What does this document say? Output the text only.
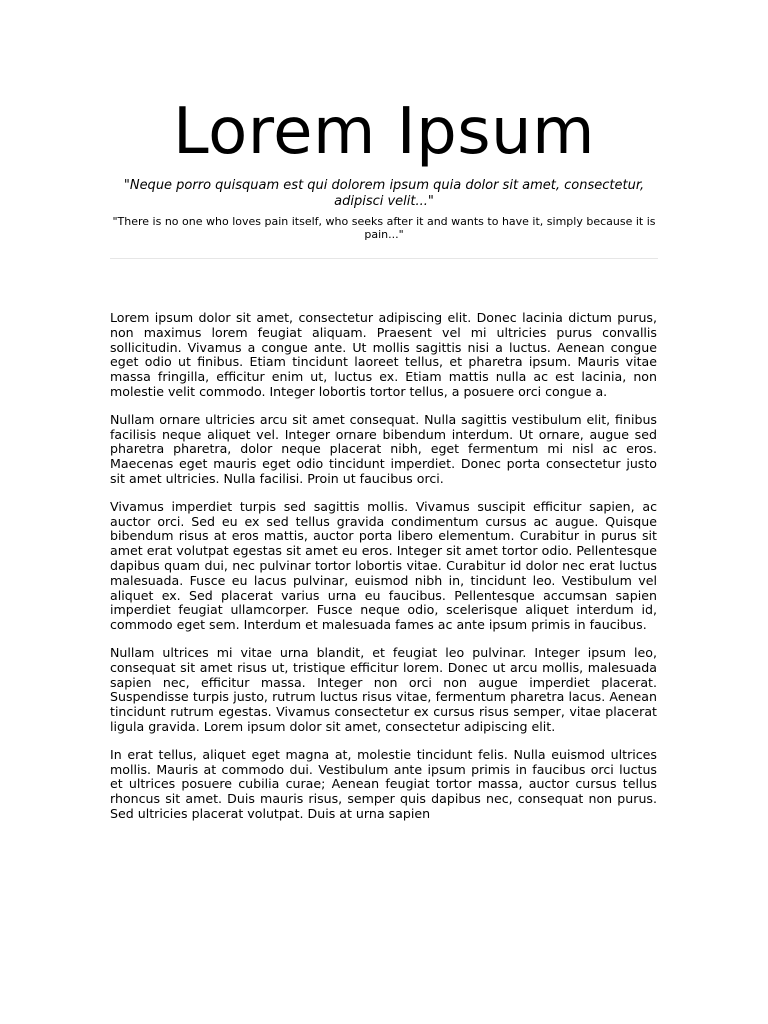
Lorem Ipsum

"Neque porro quisquam est qui dolorem ipsum quia dolor sit amet, consectetur, adipisci velit..."

"There is no one who loves pain itself, who seeks after it and wants to have it, simply because it is pain..."

Lorem ipsum dolor sit amet, consectetur adipiscing elit. Donec lacinia dictum purus, non maximus lorem feugiat aliquam. Praesent vel mi ultricies purus convallis sollicitudin. Vivamus a congue ante. Ut mollis sagittis nisi a luctus. Aenean congue eget odio ut finibus. Etiam tincidunt laoreet tellus, et pharetra ipsum. Mauris vitae massa fringilla, efficitur enim ut, luctus ex. Etiam mattis nulla ac est lacinia, non molestie velit commodo. Integer lobortis tortor tellus, a posuere orci congue a.

Nullam ornare ultricies arcu sit amet consequat. Nulla sagittis vestibulum elit, finibus facilisis neque aliquet vel. Integer ornare bibendum interdum. Ut ornare, augue sed pharetra pharetra, dolor neque placerat nibh, eget fermentum mi nisl ac eros. Maecenas eget mauris eget odio tincidunt imperdiet. Donec porta consectetur justo sit amet ultricies. Nulla facilisi. Proin ut faucibus orci.

Vivamus imperdiet turpis sed sagittis mollis. Vivamus suscipit efficitur sapien, ac auctor orci. Sed eu ex sed tellus gravida condimentum cursus ac augue. Quisque bibendum risus at eros mattis, auctor porta libero elementum. Curabitur in purus sit amet erat volutpat egestas sit amet eu eros. Integer sit amet tortor odio. Pellentesque dapibus quam dui, nec pulvinar tortor lobortis vitae. Curabitur id dolor nec erat luctus malesuada. Fusce eu lacus pulvinar, euismod nibh in, tincidunt leo. Vestibulum vel aliquet ex. Sed placerat varius urna eu faucibus. Pellentesque accumsan sapien imperdiet feugiat ullamcorper. Fusce neque odio, scelerisque aliquet interdum id, commodo eget sem. Interdum et malesuada fames ac ante ipsum primis in faucibus.

Nullam ultrices mi vitae urna blandit, et feugiat leo pulvinar. Integer ipsum leo, consequat sit amet risus ut, tristique efficitur lorem. Donec ut arcu mollis, malesuada sapien nec, efficitur massa. Integer non orci non augue imperdiet placerat. Suspendisse turpis justo, rutrum luctus risus vitae, fermentum pharetra lacus. Aenean tincidunt rutrum egestas. Vivamus consectetur ex cursus risus semper, vitae placerat ligula gravida. Lorem ipsum dolor sit amet, consectetur adipiscing elit.

In erat tellus, aliquet eget magna at, molestie tincidunt felis. Nulla euismod ultrices mollis. Mauris at commodo dui. Vestibulum ante ipsum primis in faucibus orci luctus et ultrices posuere cubilia curae; Aenean feugiat tortor massa, auctor cursus tellus rhoncus sit amet. Duis mauris risus, semper quis dapibus nec, consequat non purus. Sed ultricies placerat volutpat. Duis at urna sapien
